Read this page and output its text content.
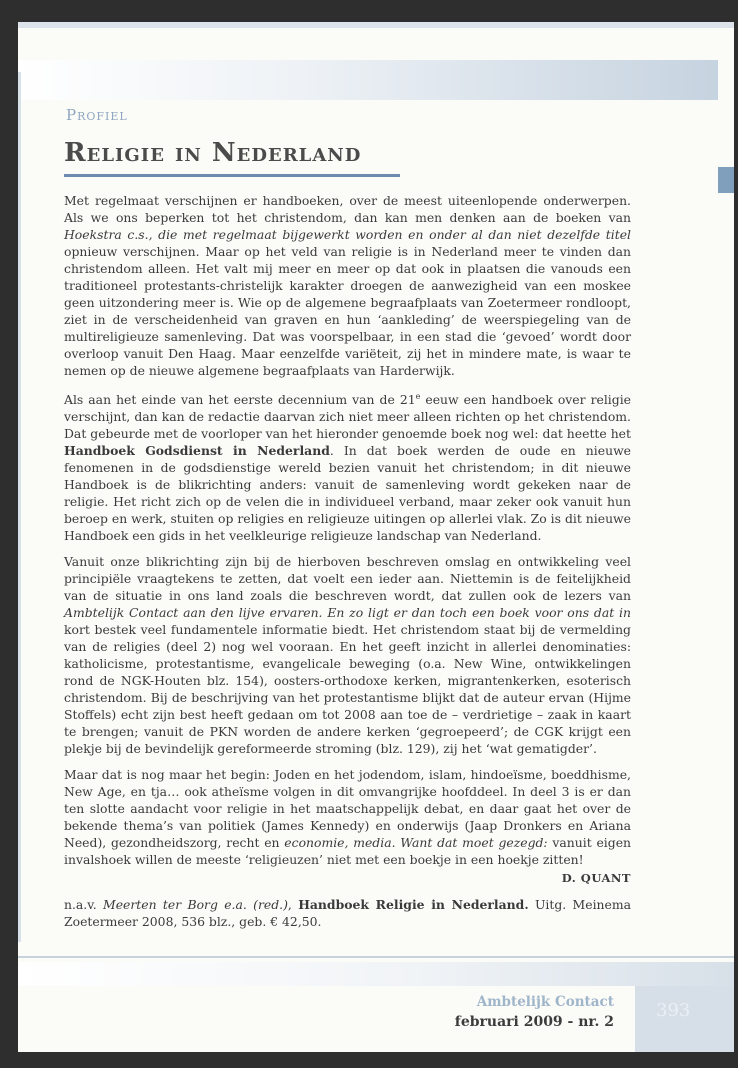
Profiel
Religie in Nederland

Met regelmaat verschijnen er handboeken, over de meest uiteenlopende onderwerpen. Als we ons beperken tot het christendom, dan kan men denken aan de boeken van Hoekstra c.s., die met regelmaat bijgewerkt worden en onder al dan niet dezelfde titel opnieuw verschijnen. Maar op het veld van religie is in Nederland meer te vinden dan christendom alleen. Het valt mij meer en meer op dat ook in plaatsen die vanouds een traditioneel protestants-christelijk karakter droegen de aanwezigheid van een moskee geen uitzondering meer is. Wie op de algemene begraafplaats van Zoetermeer rondloopt, ziet in de verscheidenheid van graven en hun ‘aankleding’ de weerspiegeling van de multireligieuze samenleving. Dat was voorspelbaar, in een stad die ‘gevoed’ wordt door overloop vanuit Den Haag. Maar eenzelfde variëteit, zij het in mindere mate, is waar te nemen op de nieuwe algemene begraafplaats van Harderwijk.

Als aan het einde van het eerste decennium van de 21e eeuw een handboek over religie verschijnt, dan kan de redactie daarvan zich niet meer alleen richten op het christendom. Dat gebeurde met de voorloper van het hieronder genoemde boek nog wel: dat heette het Handboek Godsdienst in Nederland. In dat boek werden de oude en nieuwe fenomenen in de godsdienstige wereld bezien vanuit het christendom; in dit nieuwe Handboek is de blikrichting anders: vanuit de samenleving wordt gekeken naar de religie. Het richt zich op de velen die in individueel verband, maar zeker ook vanuit hun beroep en werk, stuiten op religies en religieuze uitingen op allerlei vlak. Zo is dit nieuwe Handboek een gids in het veelkleurige religieuze landschap van Nederland.

Vanuit onze blikrichting zijn bij de hierboven beschreven omslag en ontwikkeling veel principiële vraagtekens te zetten, dat voelt een ieder aan. Niettemin is de feitelijkheid van de situatie in ons land zoals die beschreven wordt, dat zullen ook de lezers van Ambtelijk Contact aan den lijve ervaren. En zo ligt er dan toch een boek voor ons dat in kort bestek veel fundamentele informatie biedt. Het christendom staat bij de vermelding van de religies (deel 2) nog wel vooraan. En het geeft inzicht in allerlei denominaties: katholicisme, protestantisme, evangelicale beweging (o.a. New Wine, ontwikkelingen rond de NGK-Houten blz. 154), oosters-orthodoxe kerken, migrantenkerken, esoterisch christendom. Bij de beschrijving van het protestantisme blijkt dat de auteur ervan (Hijme Stoffels) echt zijn best heeft gedaan om tot 2008 aan toe de – verdrietige – zaak in kaart te brengen; vanuit de PKN worden de andere kerken ‘gegroepeerd’; de CGK krijgt een plekje bij de bevindelijk gereformeerde stroming (blz. 129), zij het ‘wat gematigder’.

Maar dat is nog maar het begin: Joden en het jodendom, islam, hindoeïsme, boeddhisme, New Age, en tja… ook atheïsme volgen in dit omvangrijke hoofddeel. In deel 3 is er dan ten slotte aandacht voor religie in het maatschappelijk debat, en daar gaat het over de bekende thema’s van politiek (James Kennedy) en onderwijs (Jaap Dronkers en Ariana Need), gezondheidszorg, recht en economie, media. Want dat moet gezegd: vanuit eigen invalshoek willen de meeste ‘religieuzen’ niet met een boekje in een hoekje zitten!

D. QUANT

n.a.v. Meerten ter Borg e.a. (red.), Handboek Religie in Nederland. Uitg. Meinema Zoetermeer 2008, 536 blz., geb. € 42,50.

Ambtelijk Contact
februari 2009 - nr. 2
393
